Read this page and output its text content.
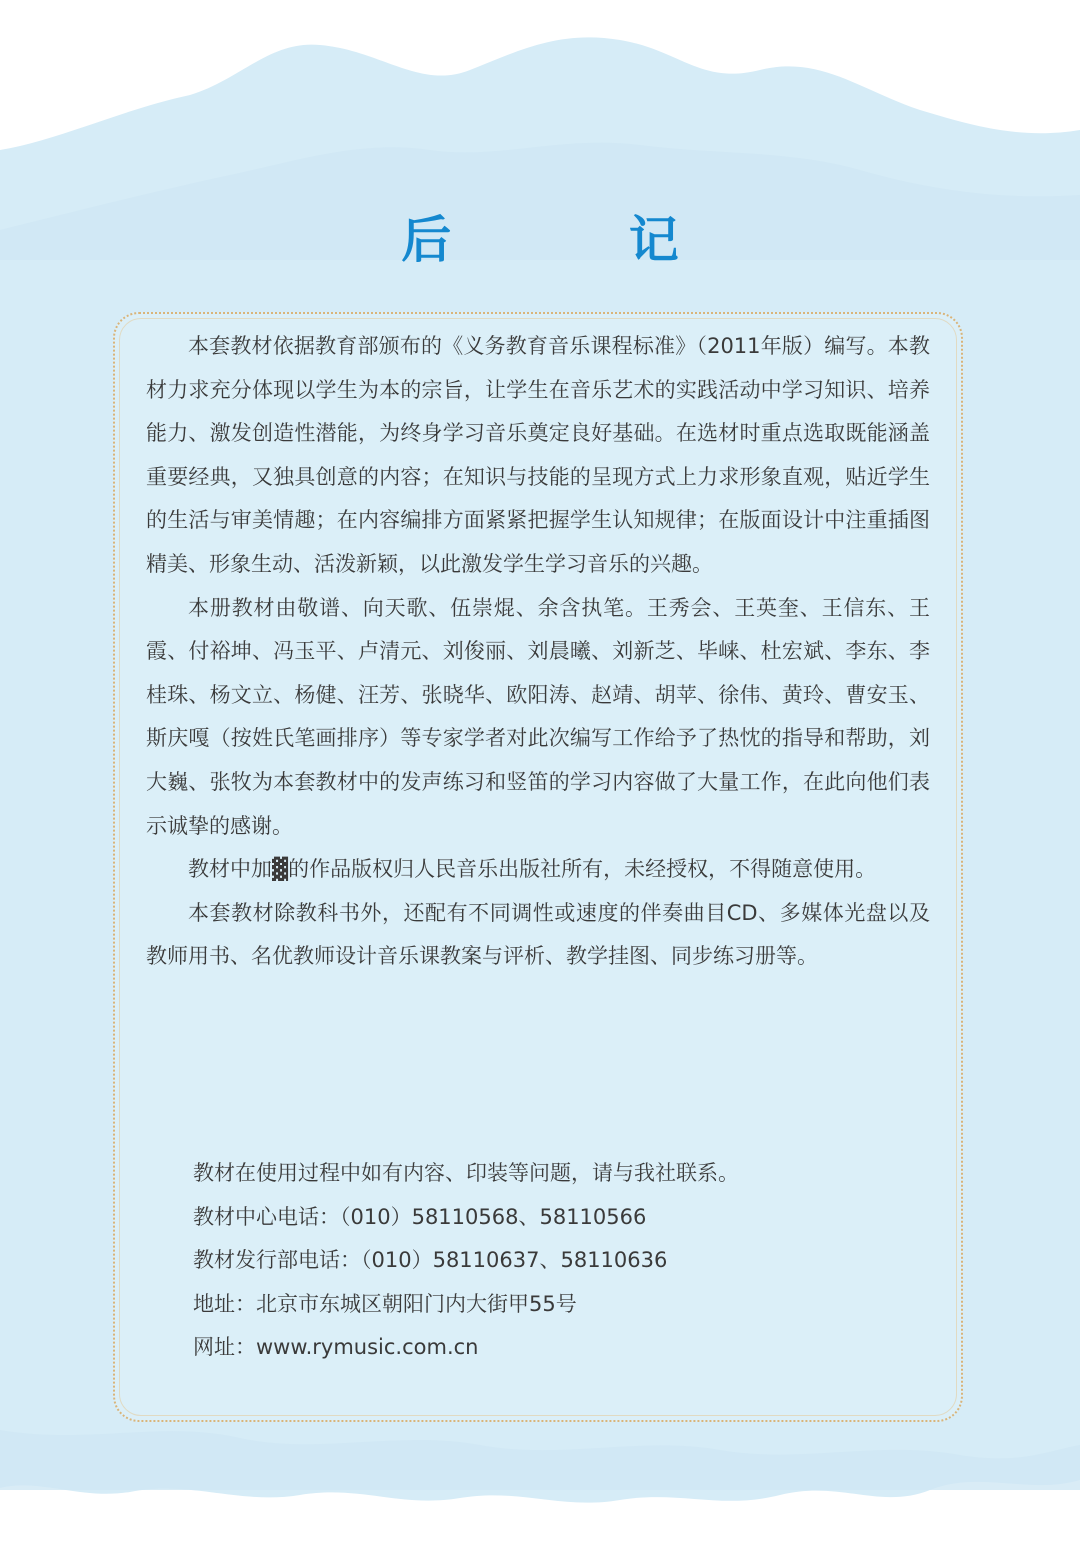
后 记

本套教材依据教育部颁布的《义务教育音乐课程标准》（2011年版）编写。本教材力求充分体现以学生为本的宗旨，让学生在音乐艺术的实践活动中学习知识、培养能力、激发创造性潜能，为终身学习音乐奠定良好基础。在选材时重点选取既能涵盖重要经典，又独具创意的内容；在知识与技能的呈现方式上力求形象直观，贴近学生的生活与审美情趣；在内容编排方面紧紧把握学生认知规律；在版面设计中注重插图精美、形象生动、活泼新颖，以此激发学生学习音乐的兴趣。

本册教材由敬谱、向天歌、伍崇焜、余含执笔。王秀会、王英奎、王信东、王霞、付裕坤、冯玉平、卢清元、刘俊丽、刘晨曦、刘新芝、毕崃、杜宏斌、李东、李桂珠、杨文立、杨健、汪芳、张晓华、欧阳涛、赵靖、胡苹、徐伟、黄玲、曹安玉、斯庆嘎（按姓氏笔画排序）等专家学者对此次编写工作给予了热忱的指导和帮助，刘大巍、张牧为本套教材中的发声练习和竖笛的学习内容做了大量工作，在此向他们表示诚挚的感谢。

教材中加▓的作品版权归人民音乐出版社所有，未经授权，不得随意使用。

本套教材除教科书外，还配有不同调性或速度的伴奏曲目CD、多媒体光盘以及教师用书、名优教师设计音乐课教案与评析、教学挂图、同步练习册等。

教材在使用过程中如有内容、印装等问题，请与我社联系。
教材中心电话：（010）58110568、58110566
教材发行部电话：（010）58110637、58110636
地址：北京市东城区朝阳门内大街甲55号
网址：www.rymusic.com.cn
